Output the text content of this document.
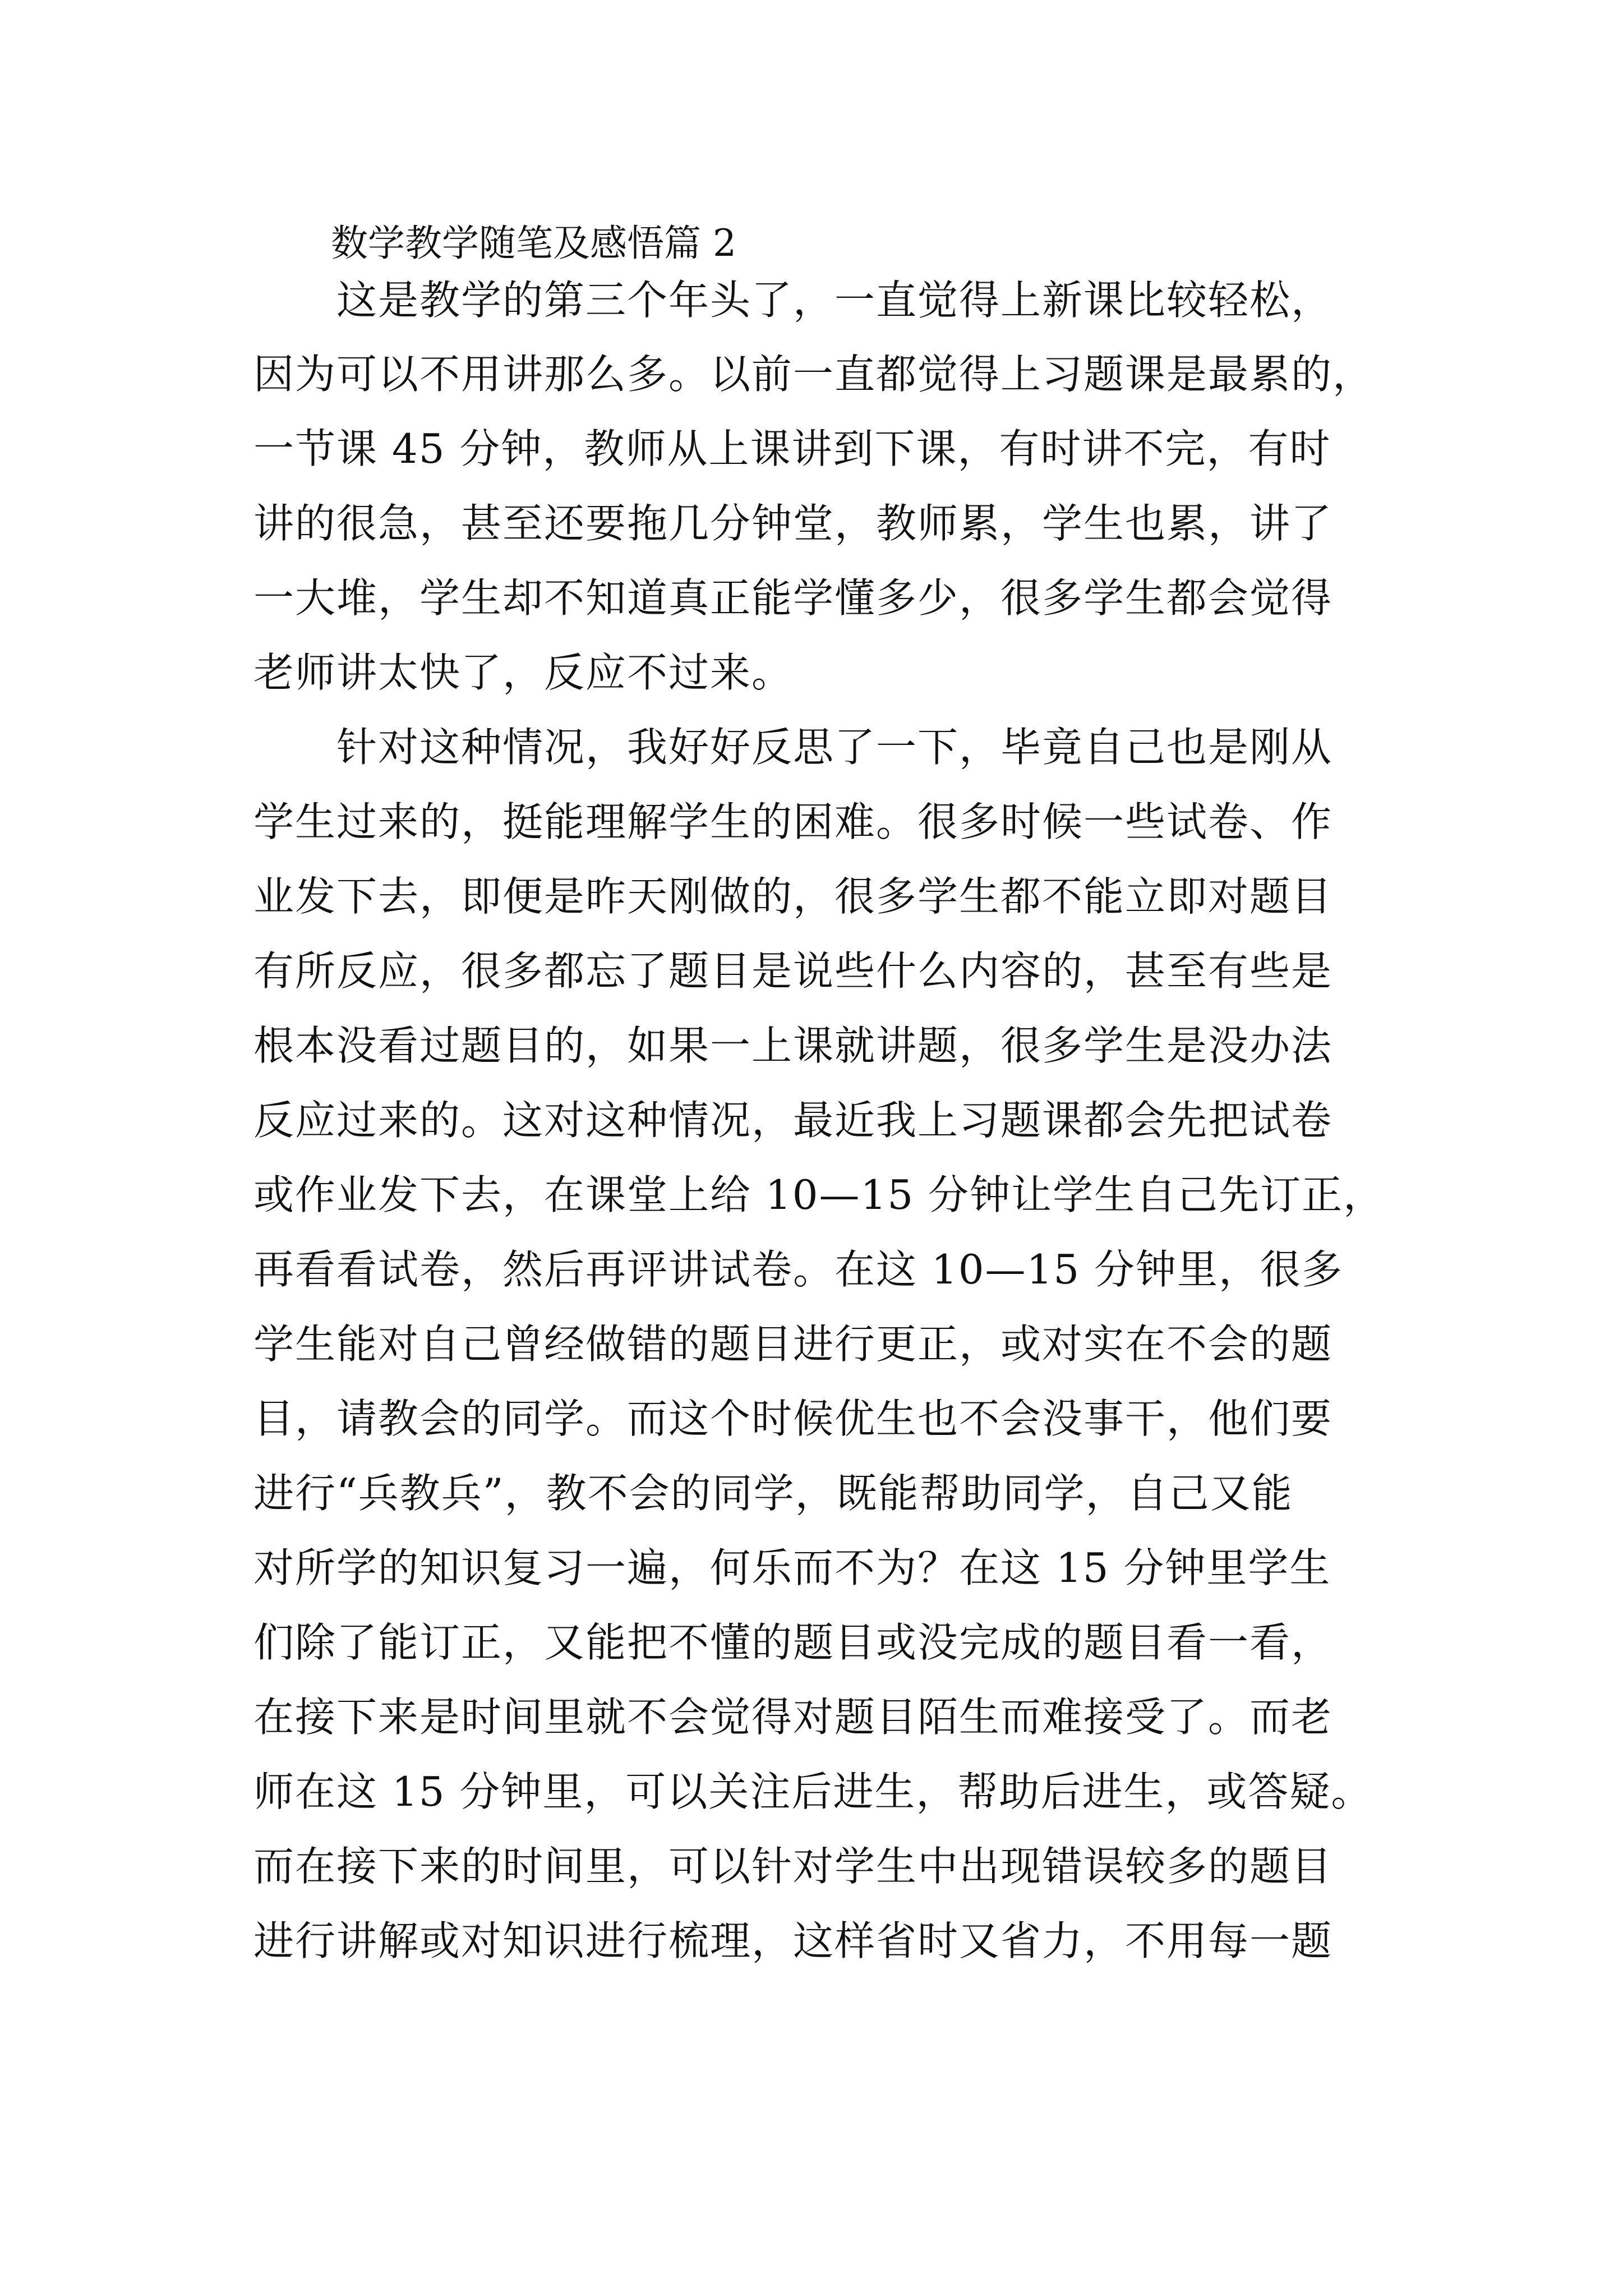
数学教学随笔及感悟篇 2
这是教学的第三个年头了，一直觉得上新课比较轻松，
因为可以不用讲那么多。以前一直都觉得上习题课是最累的，
一节课 45 分钟，教师从上课讲到下课，有时讲不完，有时
讲的很急，甚至还要拖几分钟堂，教师累，学生也累，讲了
一大堆，学生却不知道真正能学懂多少，很多学生都会觉得
老师讲太快了，反应不过来。
针对这种情况，我好好反思了一下，毕竟自己也是刚从
学生过来的，挺能理解学生的困难。很多时候一些试卷、作
业发下去，即便是昨天刚做的，很多学生都不能立即对题目
有所反应，很多都忘了题目是说些什么内容的，甚至有些是
根本没看过题目的，如果一上课就讲题，很多学生是没办法
反应过来的。这对这种情况，最近我上习题课都会先把试卷
或作业发下去，在课堂上给 10—15 分钟让学生自己先订正，
再看看试卷，然后再评讲试卷。在这 10—15 分钟里，很多
学生能对自己曾经做错的题目进行更正，或对实在不会的题
目，请教会的同学。而这个时候优生也不会没事干，他们要
进行“兵教兵”，教不会的同学，既能帮助同学，自己又能
对所学的知识复习一遍，何乐而不为？在这 15 分钟里学生
们除了能订正，又能把不懂的题目或没完成的题目看一看，
在接下来是时间里就不会觉得对题目陌生而难接受了。而老
师在这 15 分钟里，可以关注后进生，帮助后进生，或答疑。
而在接下来的时间里，可以针对学生中出现错误较多的题目
进行讲解或对知识进行梳理，这样省时又省力，不用每一题
